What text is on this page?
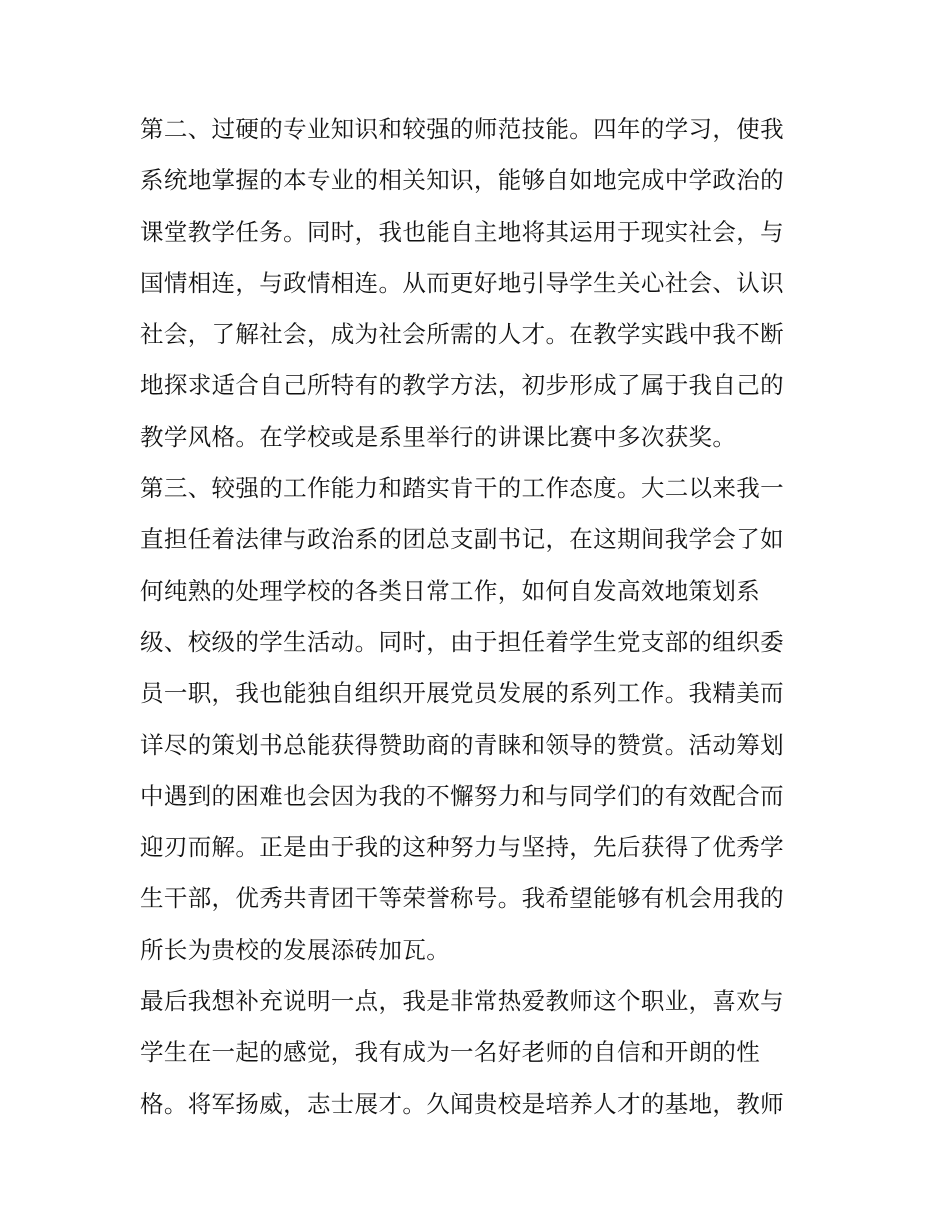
第二、过硬的专业知识和较强的师范技能。四年的学习，使我
系统地掌握的本专业的相关知识，能够自如地完成中学政治的
课堂教学任务。同时，我也能自主地将其运用于现实社会，与
国情相连，与政情相连。从而更好地引导学生关心社会、认识
社会，了解社会，成为社会所需的人才。在教学实践中我不断
地探求适合自己所特有的教学方法，初步形成了属于我自己的
教学风格。在学校或是系里举行的讲课比赛中多次获奖。
第三、较强的工作能力和踏实肯干的工作态度。大二以来我一
直担任着法律与政治系的团总支副书记，在这期间我学会了如
何纯熟的处理学校的各类日常工作，如何自发高效地策划系
级、校级的学生活动。同时，由于担任着学生党支部的组织委
员一职，我也能独自组织开展党员发展的系列工作。我精美而
详尽的策划书总能获得赞助商的青睐和领导的赞赏。活动筹划
中遇到的困难也会因为我的不懈努力和与同学们的有效配合而
迎刃而解。正是由于我的这种努力与坚持，先后获得了优秀学
生干部，优秀共青团干等荣誉称号。我希望能够有机会用我的
所长为贵校的发展添砖加瓦。
最后我想补充说明一点，我是非常热爱教师这个职业，喜欢与
学生在一起的感觉，我有成为一名好老师的自信和开朗的性
格。将军扬威，志士展才。久闻贵校是培养人才的基地，教师
